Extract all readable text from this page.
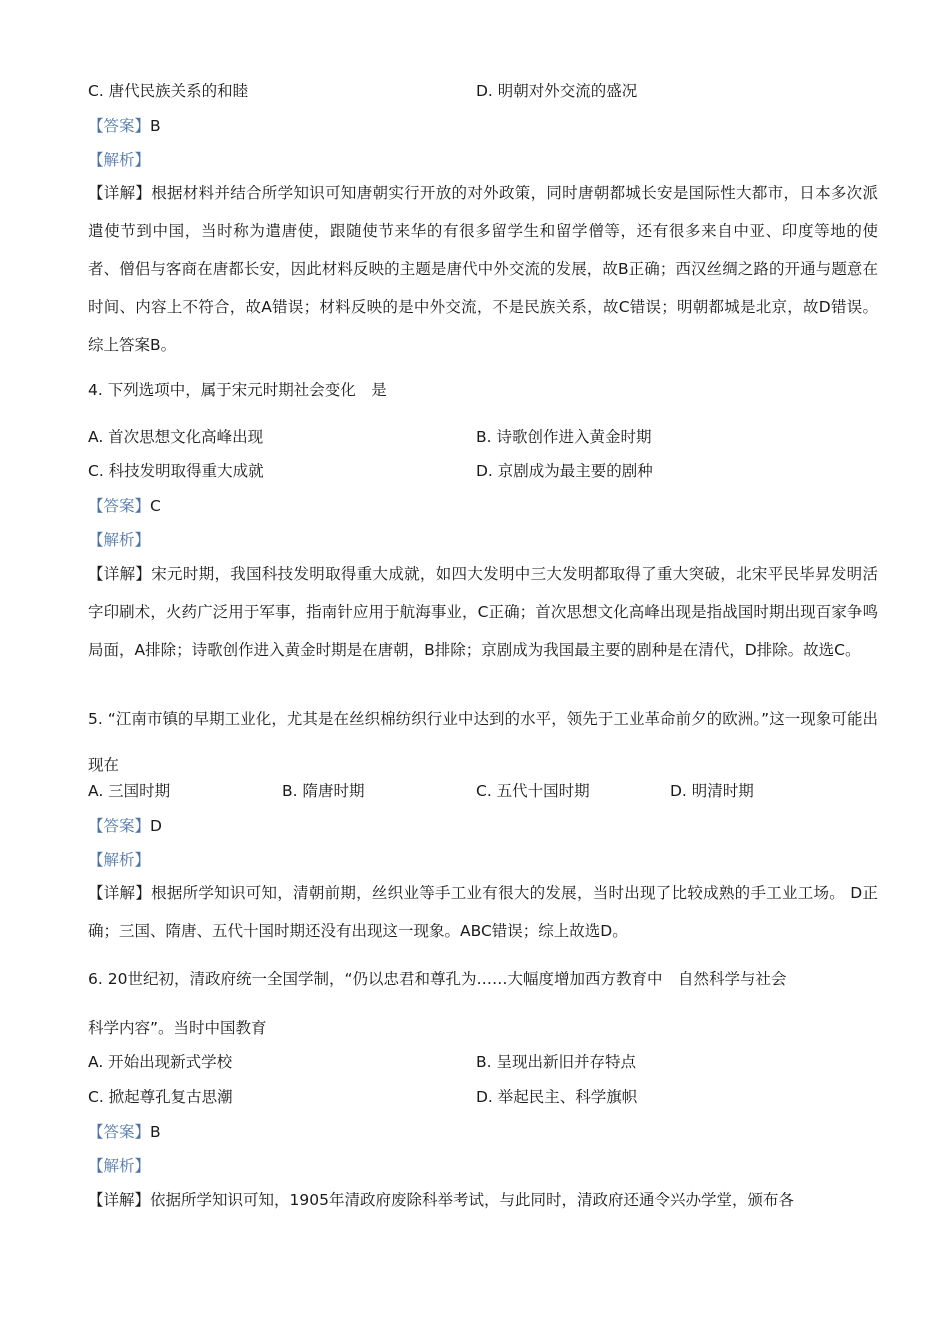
C. 唐代民族关系的和睦	D. 明朝对外交流的盛况
【答案】B
【解析】
【详解】根据材料并结合所学知识可知唐朝实行开放的对外政策，同时唐朝都城长安是国际性大都市，日本多次派遣使节到中国，当时称为遣唐使，跟随使节来华的有很多留学生和留学僧等，还有很多来自中亚、印度等地的使者、僧侣与客商在唐都长安，因此材料反映的主题是唐代中外交流的发展，故B正确；西汉丝绸之路的开通与题意在时间、内容上不符合，故A错误；材料反映的是中外交流，不是民族关系，故C错误；明朝都城是北京，故D错误。综上答案B。
4. 下列选项中，属于宋元时期社会变化　是
A. 首次思想文化高峰出现	B. 诗歌创作进入黄金时期
C. 科技发明取得重大成就	D. 京剧成为最主要的剧种
【答案】C
【解析】
【详解】宋元时期，我国科技发明取得重大成就，如四大发明中三大发明都取得了重大突破，北宋平民毕昇发明活字印刷术，火药广泛用于军事，指南针应用于航海事业，C正确；首次思想文化高峰出现是指战国时期出现百家争鸣局面，A排除；诗歌创作进入黄金时期是在唐朝，B排除；京剧成为我国最主要的剧种是在清代，D排除。故选C。
5. “江南市镇的早期工业化，尤其是在丝织棉纺织行业中达到的水平，领先于工业革命前夕的欧洲。”这一现象可能出现在
A. 三国时期	B. 隋唐时期	C. 五代十国时期	D. 明清时期
【答案】D
【解析】
【详解】根据所学知识可知，清朝前期，丝织业等手工业有很大的发展，当时出现了比较成熟的手工业工场。 D正确；三国、隋唐、五代十国时期还没有出现这一现象。ABC错误；综上故选D。
6. 20世纪初，清政府统一全国学制，“仍以忠君和尊孔为……大幅度增加西方教育中　自然科学与社会
科学内容”。当时中国教育
A. 开始出现新式学校	B. 呈现出新旧并存特点
C. 掀起尊孔复古思潮	D. 举起民主、科学旗帜
【答案】B
【解析】
【详解】依据所学知识可知，1905年清政府废除科举考试，与此同时，清政府还通令兴办学堂，颁布各
